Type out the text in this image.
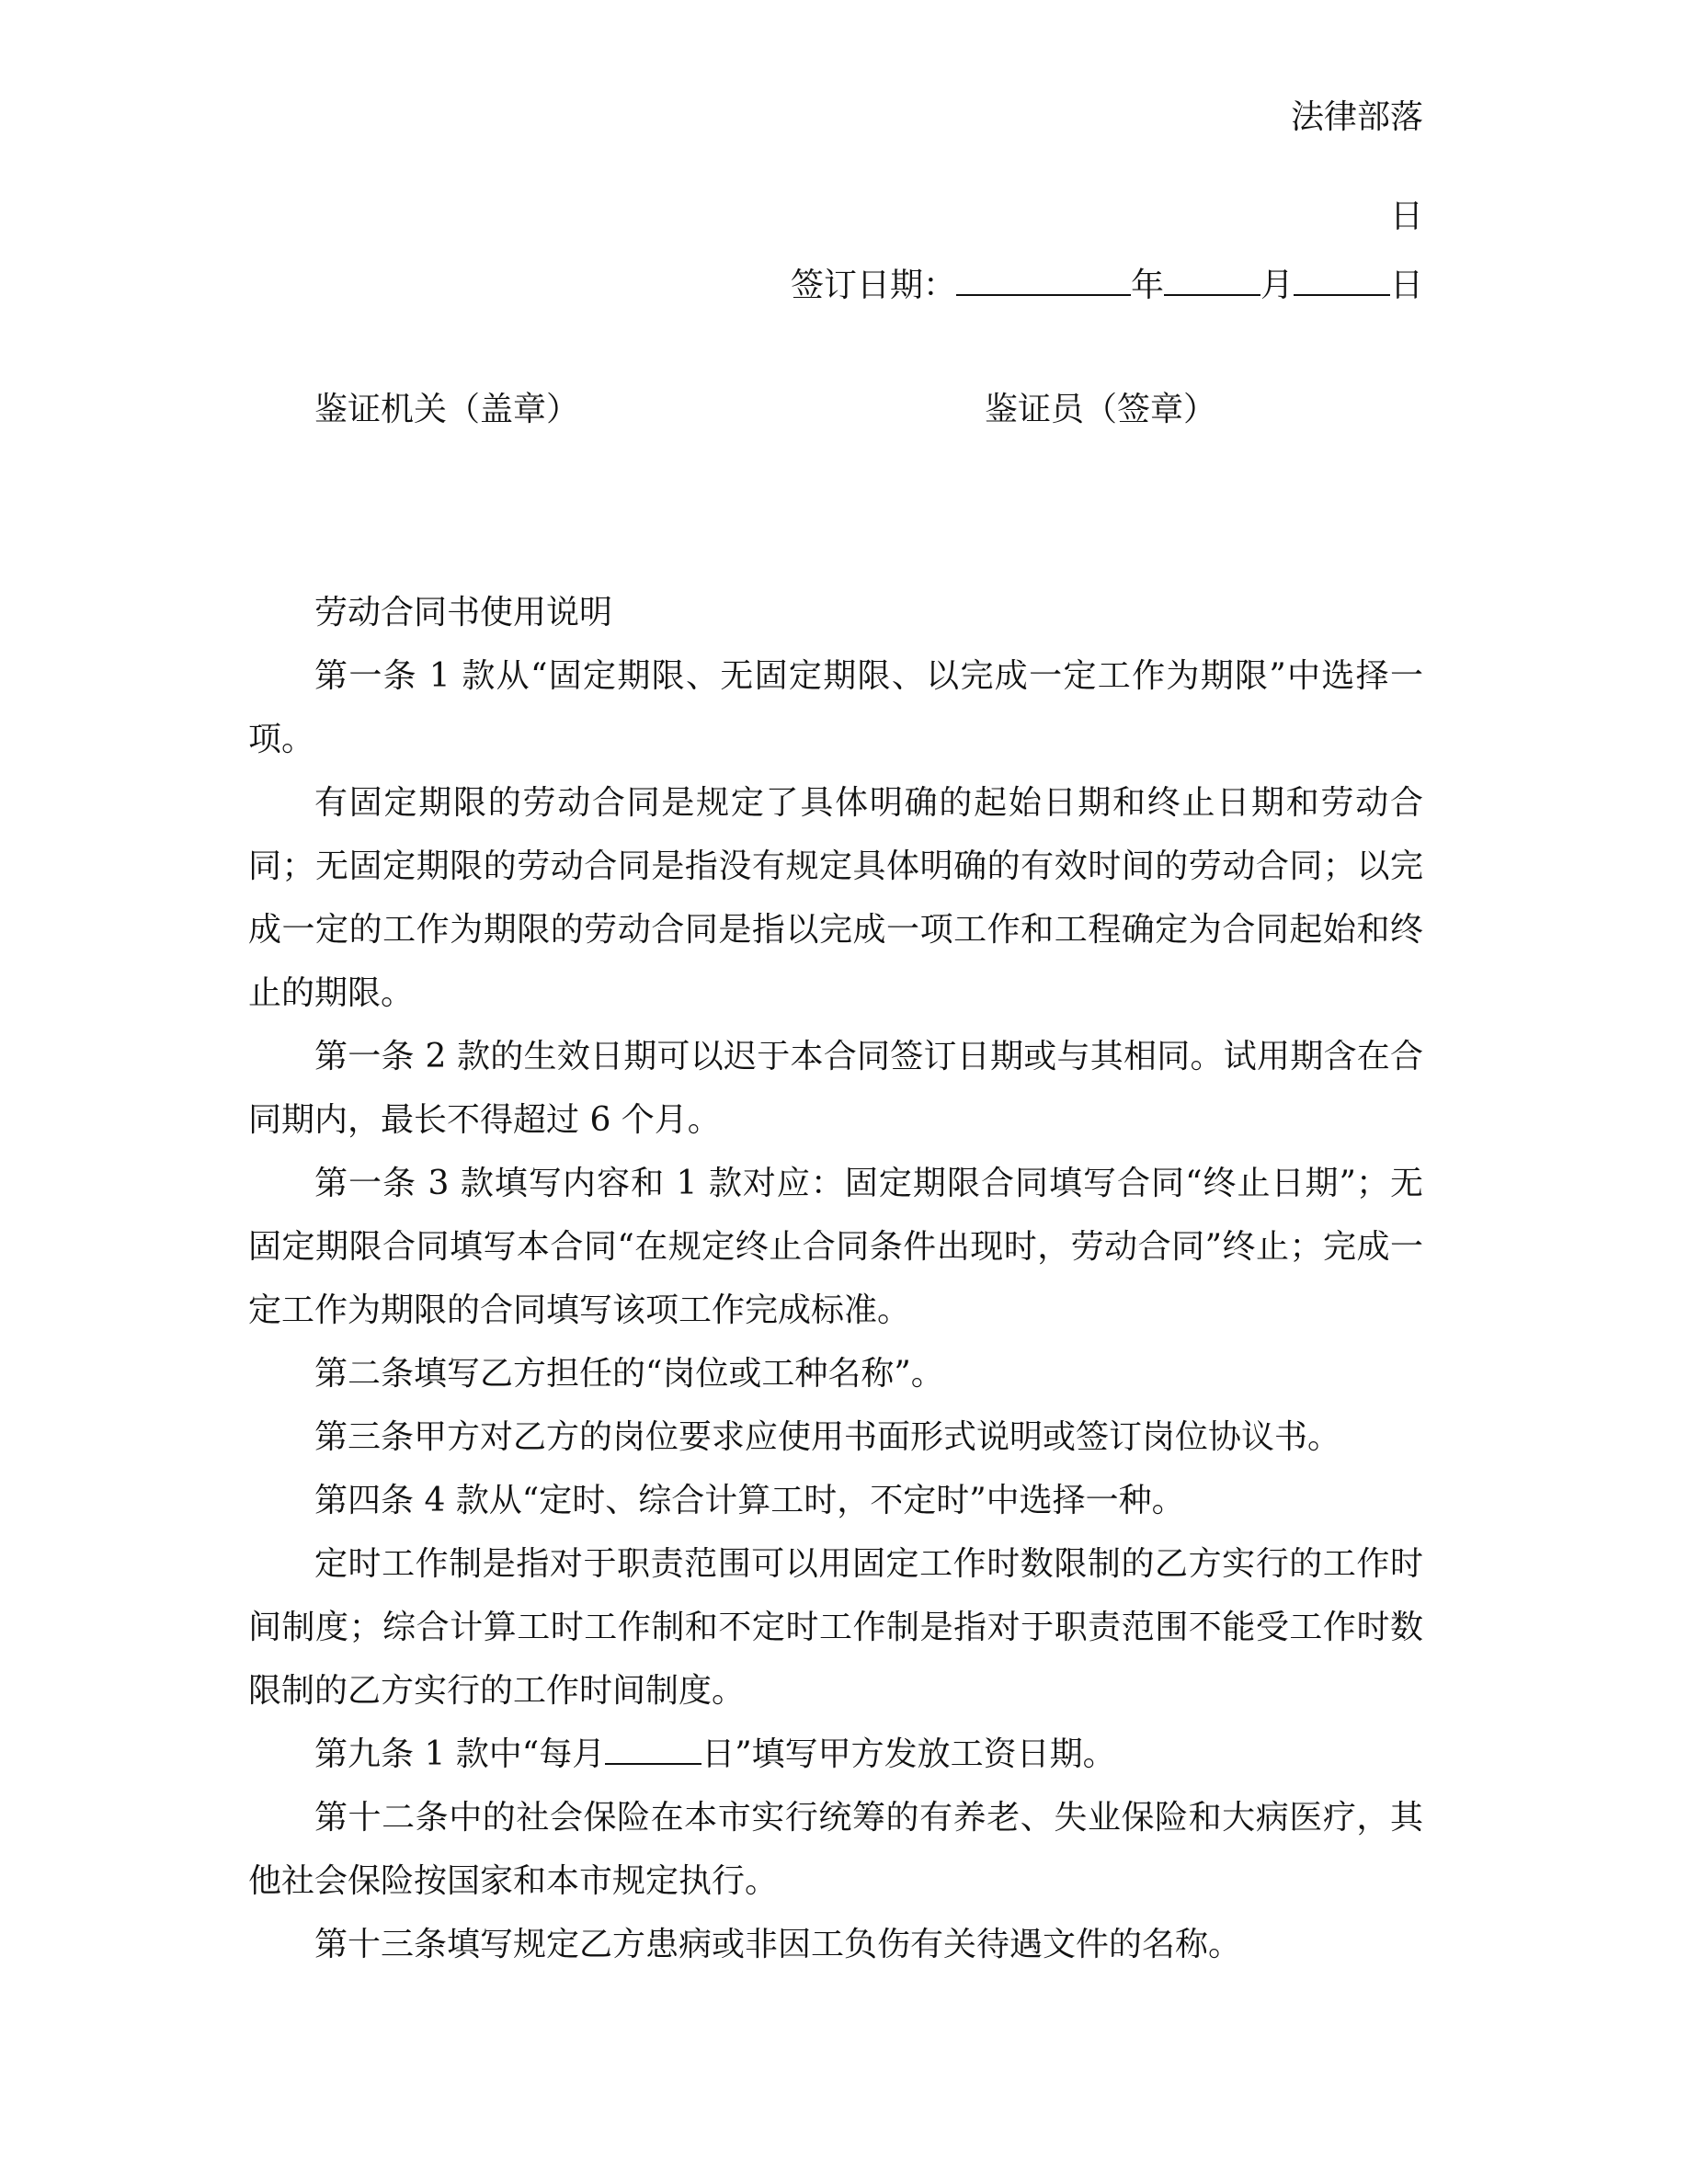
法律部落
日
签订日期：	年	月	日
鉴证机关（盖章）	鉴证员（签章）

劳动合同书使用说明

第一条 1 款从“固定期限、无固定期限、以完成一定工作为期限”中选择一项。

有固定期限的劳动合同是规定了具体明确的起始日期和终止日期和劳动合同；无固定期限的劳动合同是指没有规定具体明确的有效时间的劳动合同；以完成一定的工作为期限的劳动合同是指以完成一项工作和工程确定为合同起始和终止的期限。

第一条 2 款的生效日期可以迟于本合同签订日期或与其相同。试用期含在合同期内，最长不得超过 6 个月。

第一条 3 款填写内容和 1 款对应：固定期限合同填写合同“终止日期”；无固定期限合同填写本合同“在规定终止合同条件出现时，劳动合同”终止；完成一定工作为期限的合同填写该项工作完成标准。

第二条填写乙方担任的“岗位或工种名称”。

第三条甲方对乙方的岗位要求应使用书面形式说明或签订岗位协议书。

第四条 4 款从“定时、综合计算工时，不定时”中选择一种。

定时工作制是指对于职责范围可以用固定工作时数限制的乙方实行的工作时间制度；综合计算工时工作制和不定时工作制是指对于职责范围不能受工作时数限制的乙方实行的工作时间制度。

第九条 1 款中“每月	日”填写甲方发放工资日期。

第十二条中的社会保险在本市实行统筹的有养老、失业保险和大病医疗，其他社会保险按国家和本市规定执行。

第十三条填写规定乙方患病或非因工负伤有关待遇文件的名称。
